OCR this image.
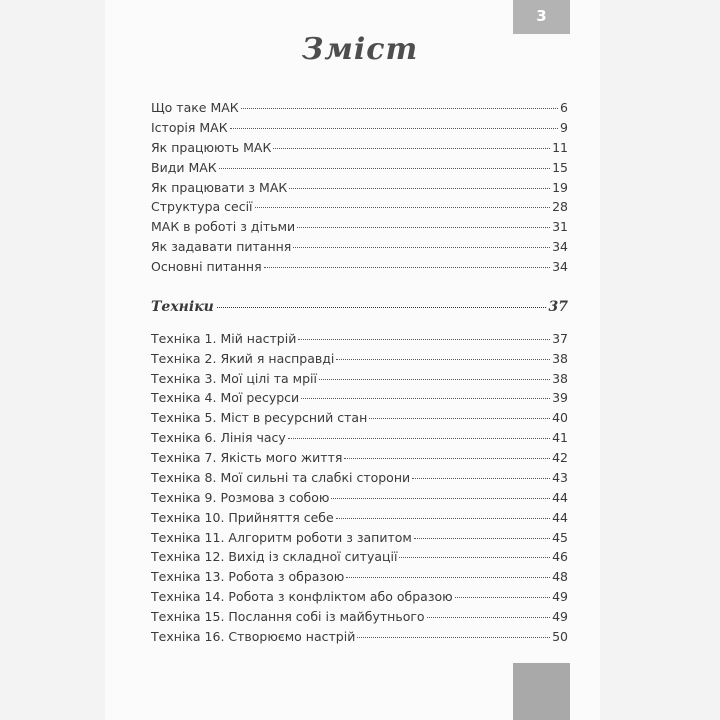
3
Зміст
Що таке МАК	6
Історія МАК	9
Як працюють МАК	11
Види МАК	15
Як працювати з МАК	19
Структура сесії	28
МАК в роботі з дітьми	31
Як задавати питання	34
Основні питання	34
Техніки	37
Техніка 1. Мій настрій	37
Техніка 2. Який я насправді	38
Техніка 3. Мої цілі та мрії	38
Техніка 4. Мої ресурси	39
Техніка 5. Міст в ресурсний стан	40
Техніка 6. Лінія часу	41
Техніка 7. Якість мого життя	42
Техніка 8. Мої сильні та слабкі сторони	43
Техніка 9. Розмова з собою	44
Техніка 10. Прийняття себе	44
Техніка 11. Алгоритм роботи з запитом	45
Техніка 12. Вихід із складної ситуації	46
Техніка 13. Робота з образою	48
Техніка 14. Робота з конфліктом або образою	49
Техніка 15. Послання собі із майбутнього	49
Техніка 16. Створюємо настрій	50
